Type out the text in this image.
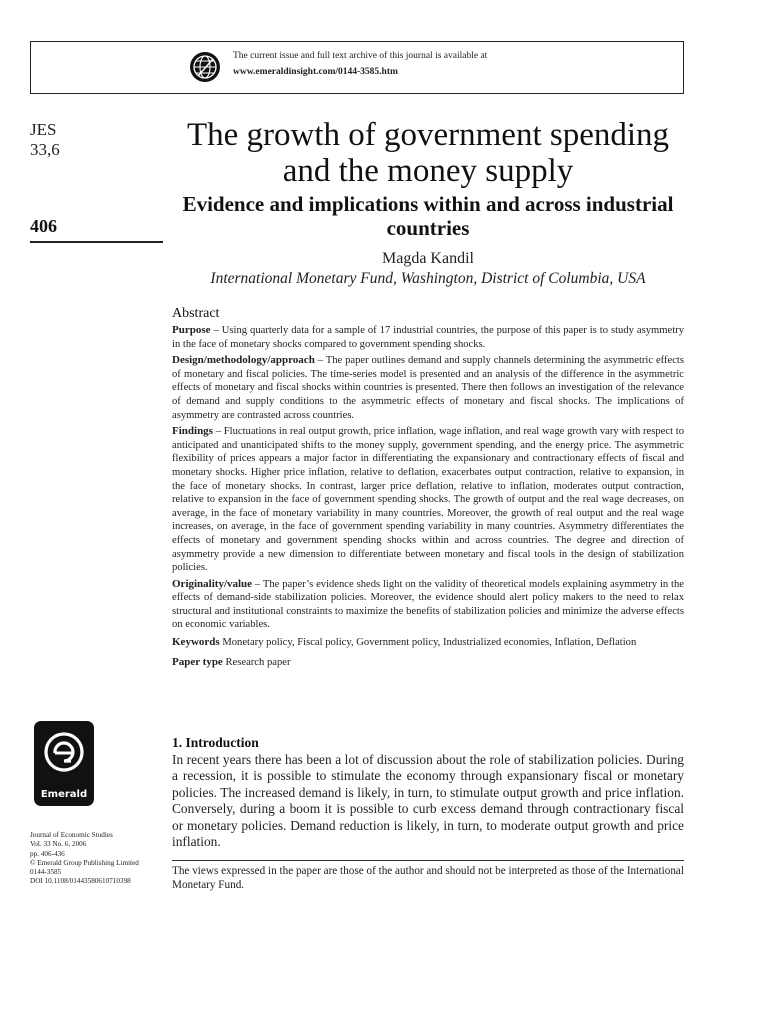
The current issue and full text archive of this journal is available at
www.emeraldinsight.com/0144-3585.htm
JES
33,6
406
The growth of government spending and the money supply
Evidence and implications within and across industrial countries
Magda Kandil
International Monetary Fund, Washington, District of Columbia, USA
Abstract

Purpose – Using quarterly data for a sample of 17 industrial countries, the purpose of this paper is to study asymmetry in the face of monetary shocks compared to government spending shocks.

Design/methodology/approach – The paper outlines demand and supply channels determining the asymmetric effects of monetary and fiscal policies. The time-series model is presented and an analysis of the difference in the asymmetric effects of monetary and fiscal shocks within countries is presented. There then follows an investigation of the relevance of demand and supply conditions to the asymmetric effects of monetary and fiscal shocks. The implications of asymmetry are contrasted across countries.

Findings – Fluctuations in real output growth, price inflation, wage inflation, and real wage growth vary with respect to anticipated and unanticipated shifts to the money supply, government spending, and the energy price. The asymmetric flexibility of prices appears a major factor in differentiating the expansionary and contractionary effects of fiscal and monetary shocks. Higher price inflation, relative to deflation, exacerbates output contraction, relative to expansion, in the face of monetary shocks. In contrast, larger price deflation, relative to inflation, moderates output contraction, relative to expansion in the face of government spending shocks. The growth of output and the real wage decreases, on average, in the face of monetary variability in many countries. Moreover, the growth of real output and the real wage increases, on average, in the face of government spending variability in many countries. Asymmetry differentiates the effects of monetary and government spending shocks within and across countries. The degree and direction of asymmetry provide a new dimension to differentiate between monetary and fiscal tools in the design of stabilization policies.

Originality/value – The paper’s evidence sheds light on the validity of theoretical models explaining asymmetry in the effects of demand-side stabilization policies. Moreover, the evidence should alert policy makers to the need to relax structural and institutional constraints to maximize the benefits of stabilization policies and minimize the adverse effects on economic variables.

Keywords Monetary policy, Fiscal policy, Government policy, Industrialized economies, Inflation, Deflation

Paper type Research paper

1. Introduction
In recent years there has been a lot of discussion about the role of stabilization policies. During a recession, it is possible to stimulate the economy through expansionary fiscal or monetary policies. The increased demand is likely, in turn, to stimulate output growth and price inflation. Conversely, during a boom it is possible to curb excess demand through contractionary fiscal or monetary policies. Demand reduction is likely, in turn, to moderate output growth and price inflation.
The views expressed in the paper are those of the author and should not be interpreted as those of the International Monetary Fund.
Emerald
Journal of Economic Studies
Vol. 33 No. 6, 2006
pp. 406-436
© Emerald Group Publishing Limited
0144-3585
DOI 10.1108/01443580610710398
